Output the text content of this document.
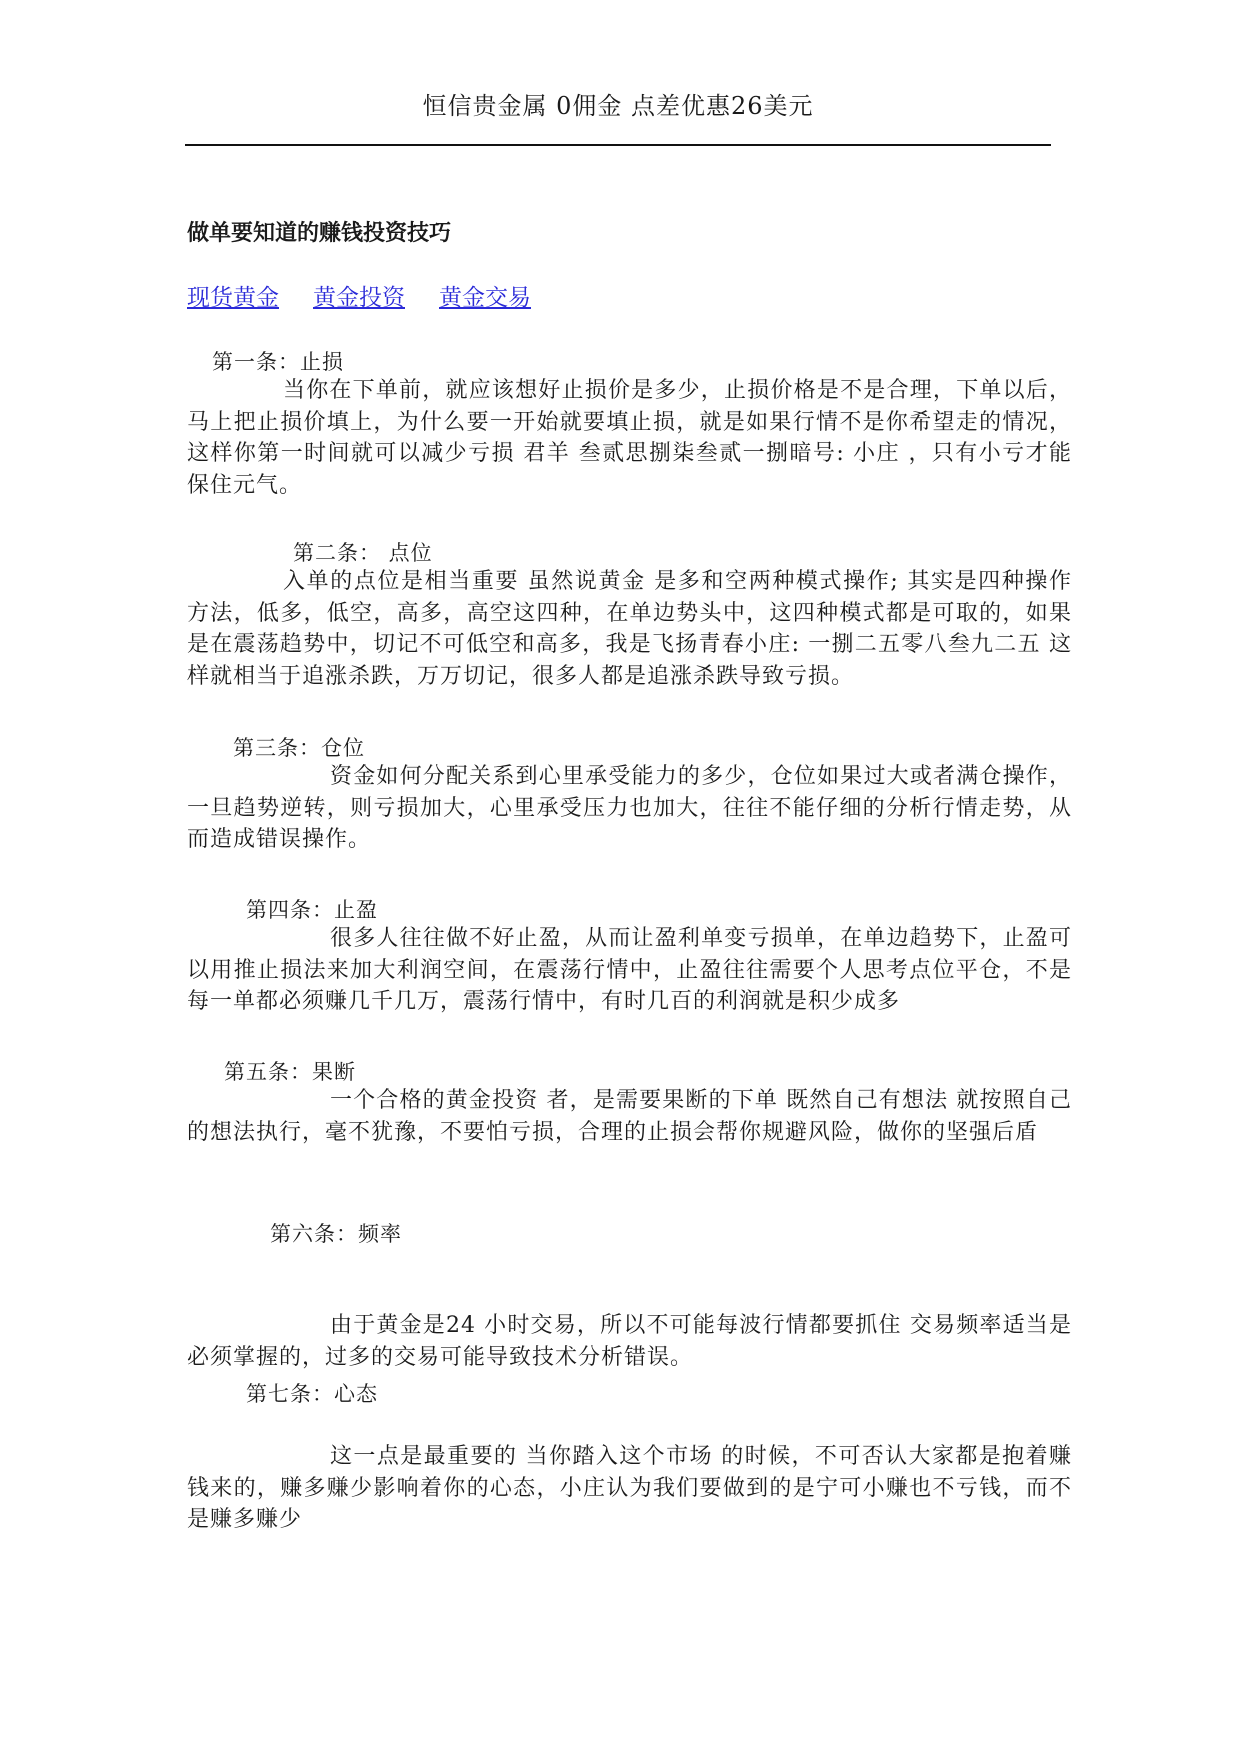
恒信贵金属 0佣金 点差优惠26美元
做单要知道的赚钱投资技巧
现货黄金 黄金投资 黄金交易
第一条：止损

当你在下单前，就应该想好止损价是多少，止损价格是不是合理，下单以后，马上把止损价填上，为什么要一开始就要填止损，就是如果行情不是你希望走的情况，这样你第一时间就可以减少亏损 君羊 叁贰思捌柒叁贰一捌暗号: 小庄 ，只有小亏才能保住元气。

第二条： 点位

入单的点位是相当重要 虽然说黄金 是多和空两种模式操作; 其实是四种操作方法，低多，低空，高多，高空这四种，在单边势头中，这四种模式都是可取的，如果是在震荡趋势中，切记不可低空和高多，我是飞扬青春小庄: 一捌二五零八叁九二五 这样就相当于追涨杀跌，万万切记，很多人都是追涨杀跌导致亏损。

第三条：仓位

资金如何分配关系到心里承受能力的多少，仓位如果过大或者满仓操作，一旦趋势逆转，则亏损加大，心里承受压力也加大，往往不能仔细的分析行情走势，从而造成错误操作。

第四条：止盈

很多人往往做不好止盈，从而让盈利单变亏损单，在单边趋势下，止盈可以用推止损法来加大利润空间，在震荡行情中，止盈往往需要个人思考点位平仓，不是每一单都必须赚几千几万，震荡行情中，有时几百的利润就是积少成多

第五条：果断

一个合格的黄金投资 者，是需要果断的下单 既然自己有想法 就按照自己的想法执行，毫不犹豫，不要怕亏损，合理的止损会帮你规避风险，做你的坚强后盾

第六条：频率

由于黄金是24 小时交易，所以不可能每波行情都要抓住 交易频率适当是必须掌握的，过多的交易可能导致技术分析错误。

第七条：心态

这一点是最重要的 当你踏入这个市场 的时候，不可否认大家都是抱着赚钱来的，赚多赚少影响着你的心态，小庄认为我们要做到的是宁可小赚也不亏钱，而不是赚多赚少
